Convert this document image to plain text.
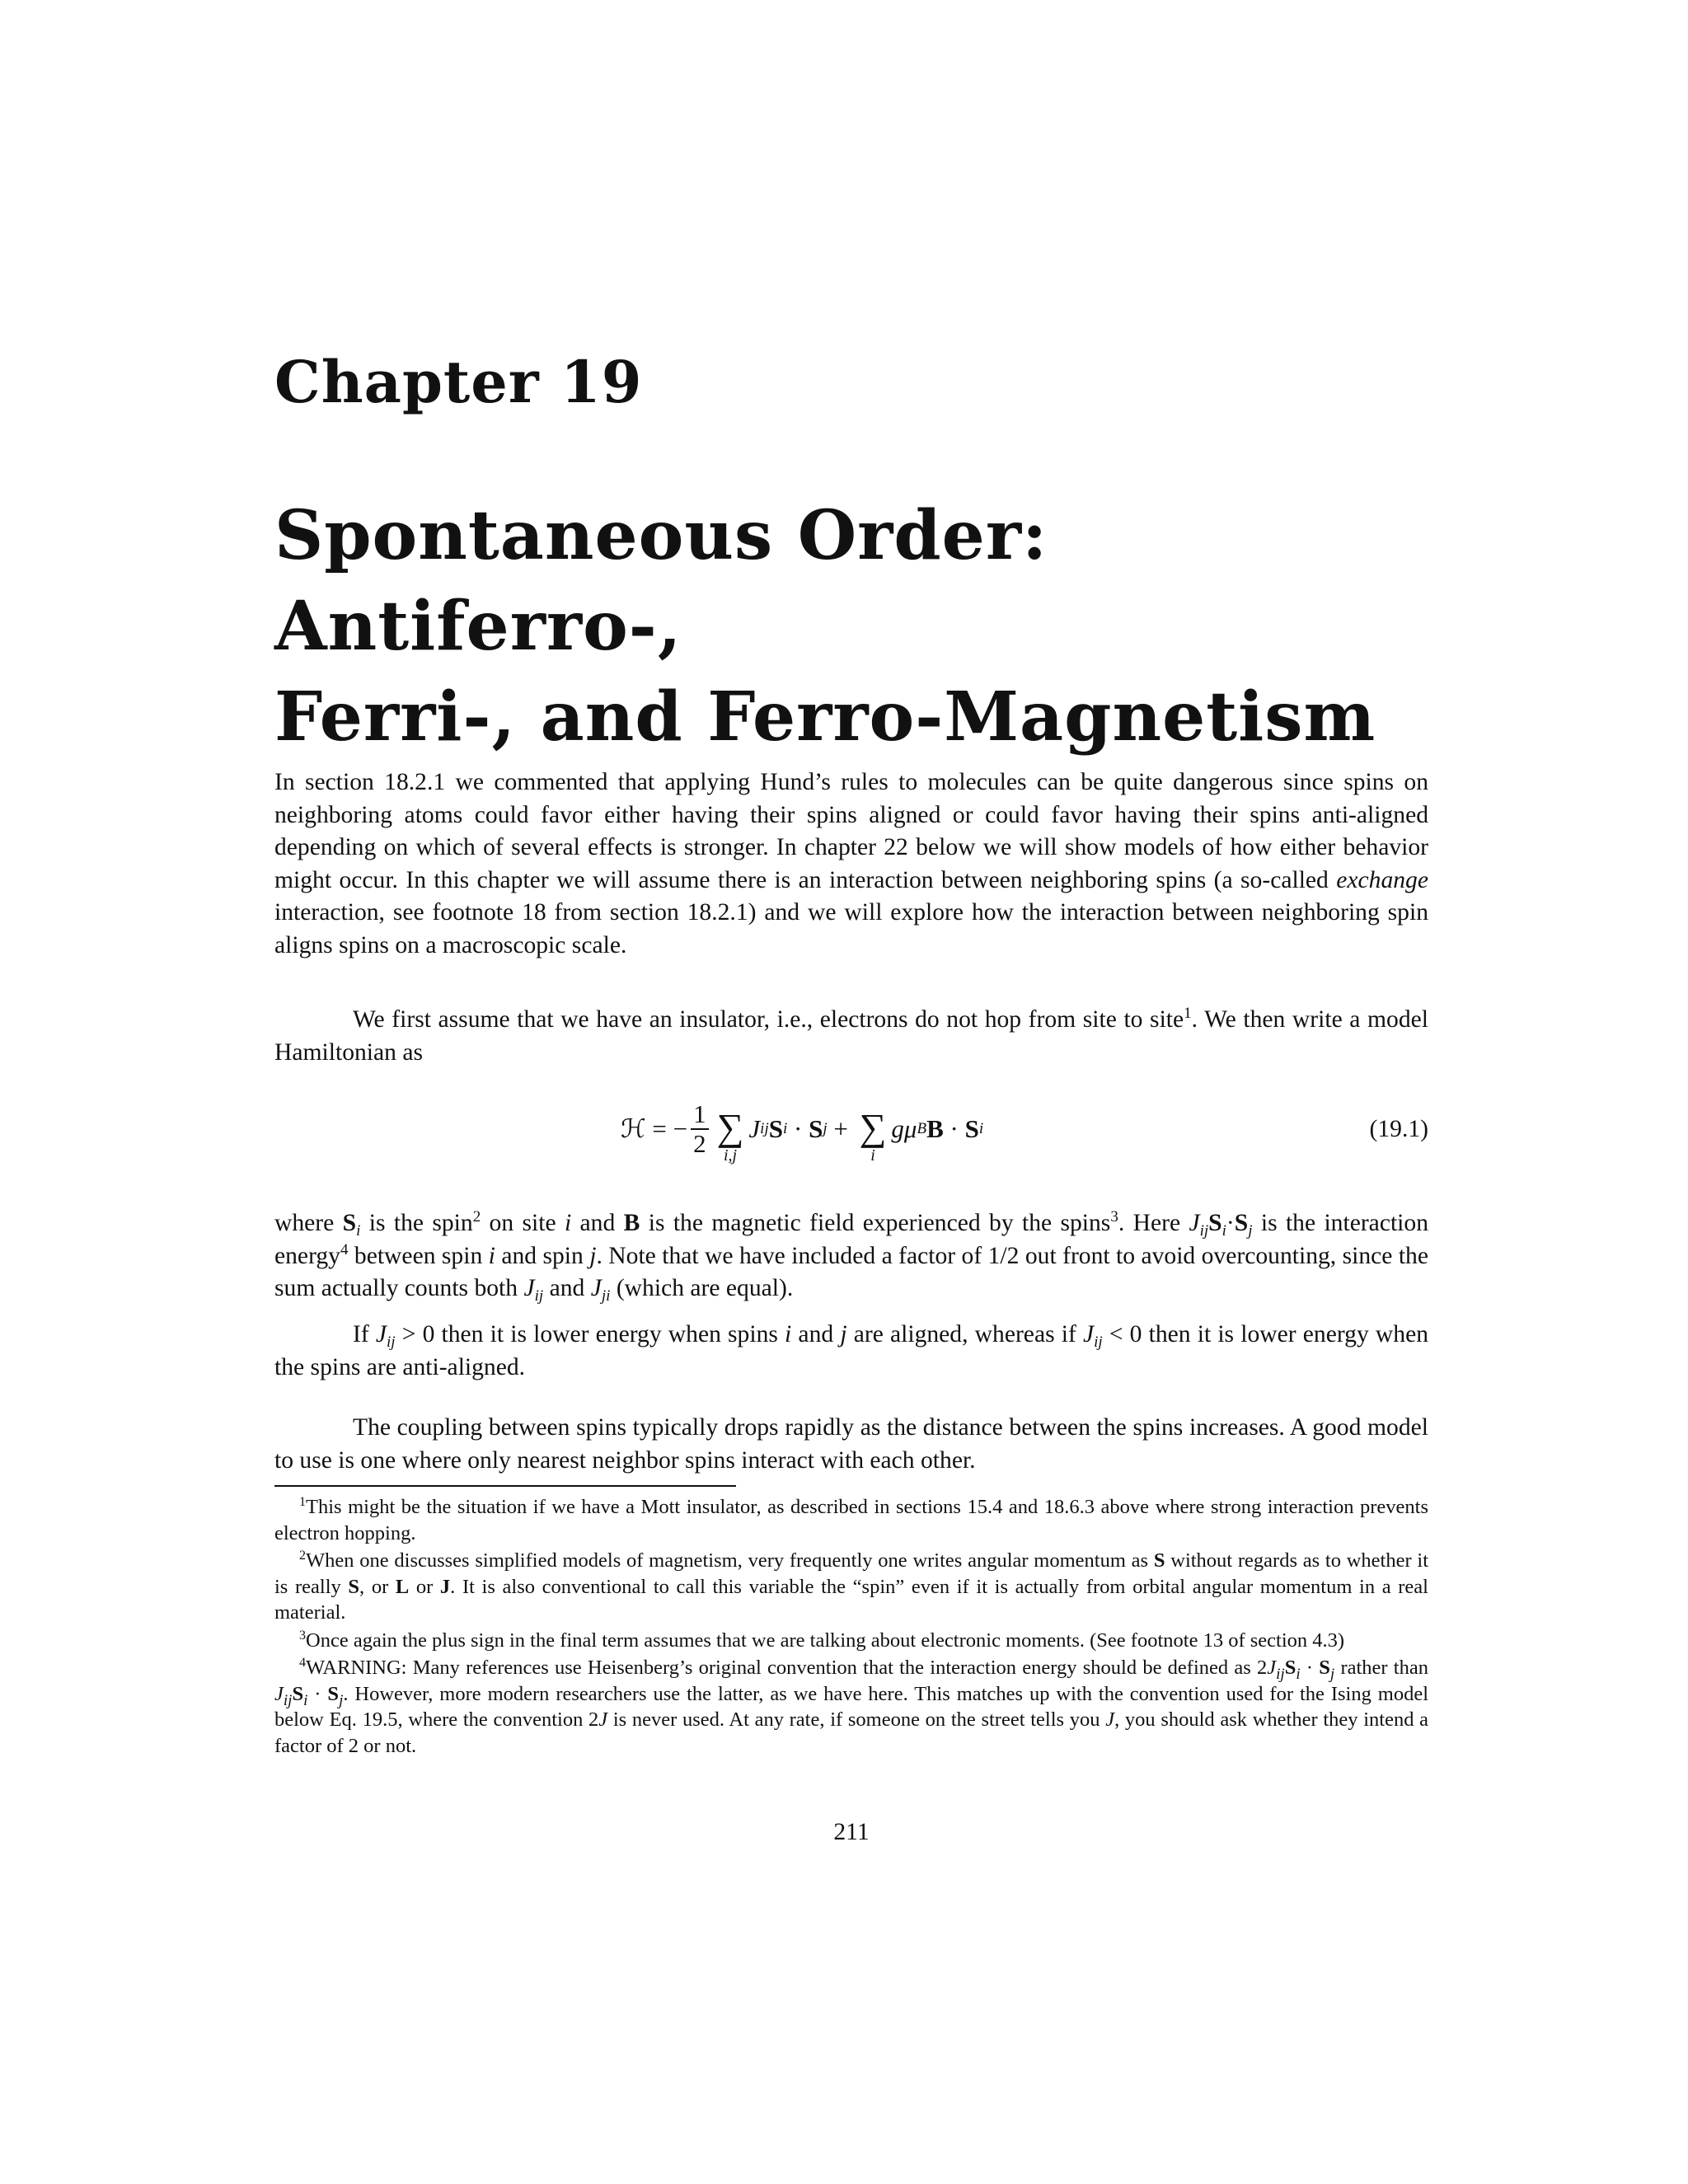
Chapter 19
Spontaneous Order: Antiferro-,
Ferri-, and Ferro-Magnetism
In section 18.2.1 we commented that applying Hund’s rules to molecules can be quite dangerous since spins on neighboring atoms could favor either having their spins aligned or could favor having their spins anti-aligned depending on which of several effects is stronger. In chapter 22 below we will show models of how either behavior might occur. In this chapter we will assume there is an interaction between neighboring spins (a so-called exchange interaction, see footnote 18 from section 18.2.1) and we will explore how the interaction between neighboring spin aligns spins on a macroscopic scale.
We first assume that we have an insulator, i.e., electrons do not hop from site to site$^1$. We then write a model Hamiltonian as
ℋ = − $\frac{1}{2}$ ∑
i,j
J ij S i · S j + ∑
i
gμ B B · S i	(19.1)
where $S_i$ is the spin$^2$ on site i and B is the magnetic field experienced by the spins$^3$. Here $J_{ij}S_i\cdot S_j$ is the interaction energy$^4$ between spin i and spin j. Note that we have included a factor of 1/2 out front to avoid overcounting, since the sum actually counts both $J_{ij}$ and $J_{ji}$ (which are equal).
If $J_{ij} > 0$ then it is lower energy when spins i and j are aligned, whereas if $J_{ij} < 0$ then it is lower energy when the spins are anti-aligned.
The coupling between spins typically drops rapidly as the distance between the spins increases. A good model to use is one where only nearest neighbor spins interact with each other.

$^1$This might be the situation if we have a Mott insulator, as described in sections 15.4 and 18.6.3 above where strong interaction prevents electron hopping.

$^2$When one discusses simplified models of magnetism, very frequently one writes angular momentum as S without regards as to whether it is really S, or L or J. It is also conventional to call this variable the “spin” even if it is actually from orbital angular momentum in a real material.

$^3$Once again the plus sign in the final term assumes that we are talking about electronic moments. (See footnote 13 of section 4.3)

$^4$WARNING: Many references use Heisenberg’s original convention that the interaction energy should be defined as $2J_{ij}S_i \cdot S_j$ rather than $J_{ij}S_i \cdot S_j$. However, more modern researchers use the latter, as we have here. This matches up with the convention used for the Ising model below Eq. 19.5, where the convention 2J is never used. At any rate, if someone on the street tells you J, you should ask whether they intend a factor of 2 or not.

211
